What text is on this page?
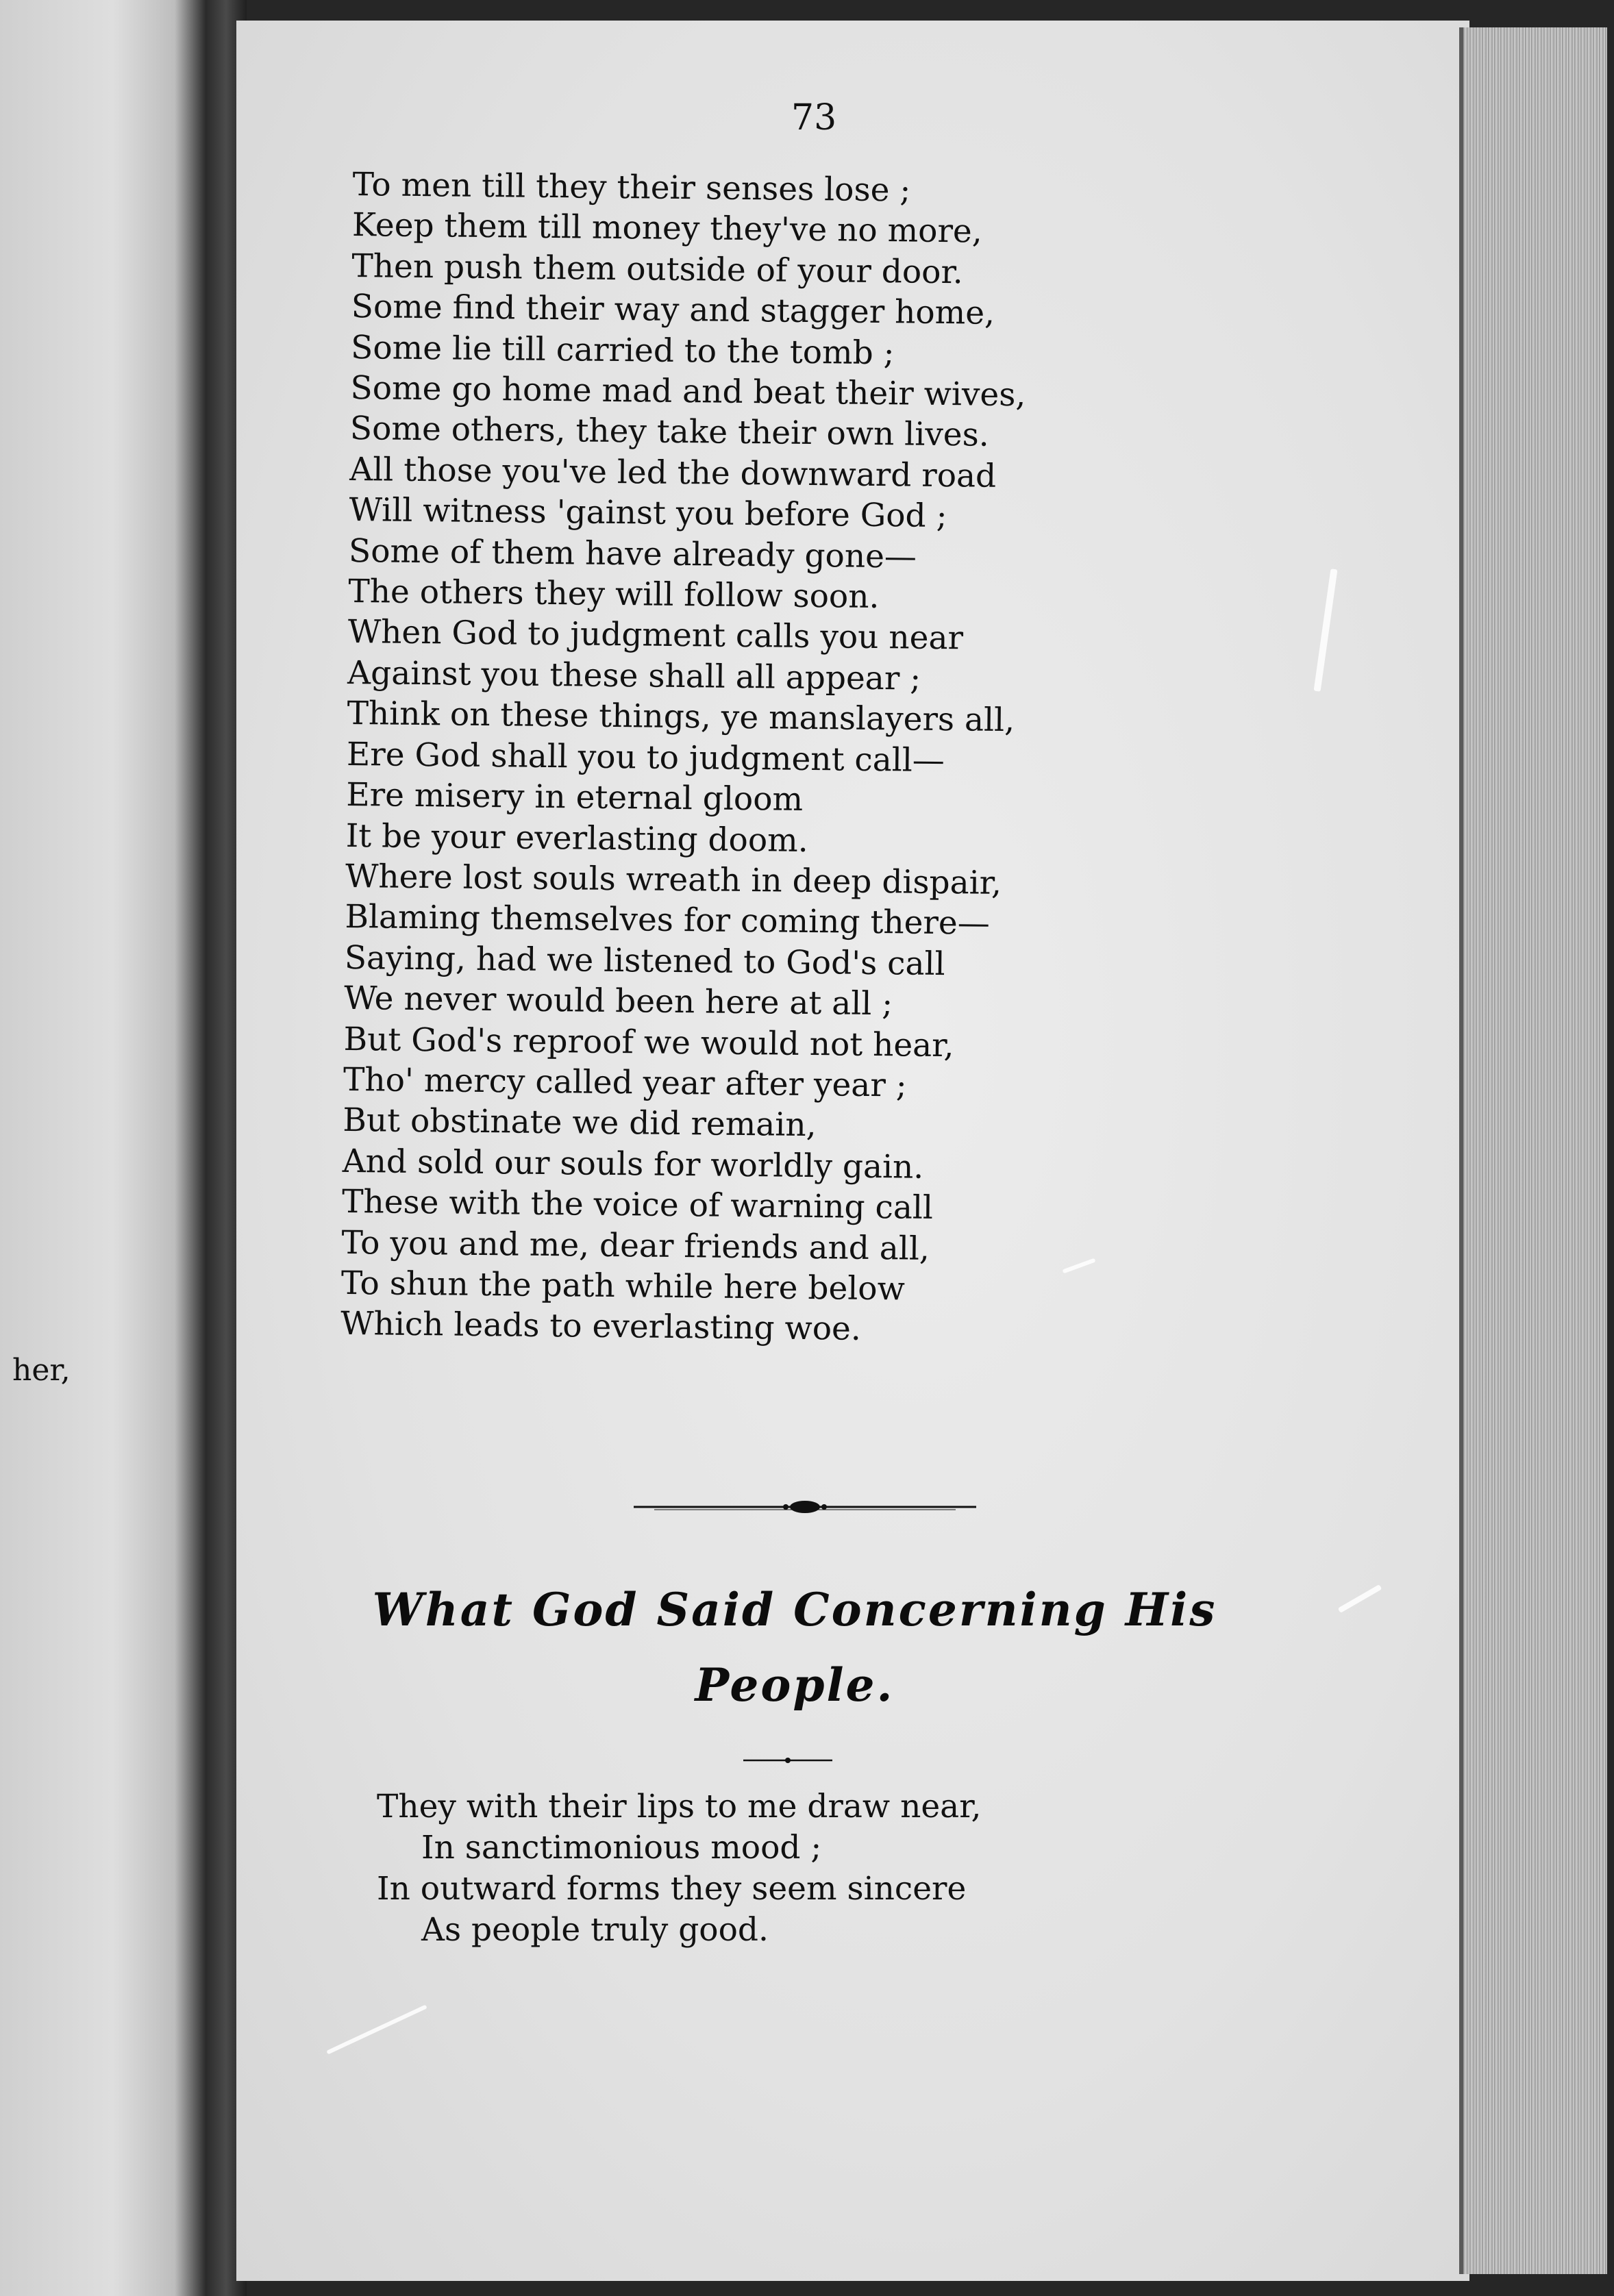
her,
73
To men till they their senses lose ;
Keep them till money they've no more,
Then push them outside of your door.
Some find their way and stagger home,
Some lie till carried to the tomb ;
Some go home mad and beat their wives,
Some others, they take their own lives.
All those you've led the downward road
Will witness 'gainst you before God ;
Some of them have already gone—
The others they will follow soon.
When God to judgment calls you near
Against you these shall all appear ;
Think on these things, ye manslayers all,
Ere God shall you to judgment call—
Ere misery in eternal gloom
It be your everlasting doom.
Where lost souls wreath in deep dispair,
Blaming themselves for coming there—
Saying, had we listened to God's call
We never would been here at all ;
But God's reproof we would not hear,
Tho' mercy called year after year ;
But obstinate we did remain,
And sold our souls for worldly gain.
These with the voice of warning call
To you and me, dear friends and all,
To shun the path while here below
Which leads to everlasting woe.
What God Said Concerning His
People.
They with their lips to me draw near,
In sanctimonious mood ;
In outward forms they seem sincere
As people truly good.
